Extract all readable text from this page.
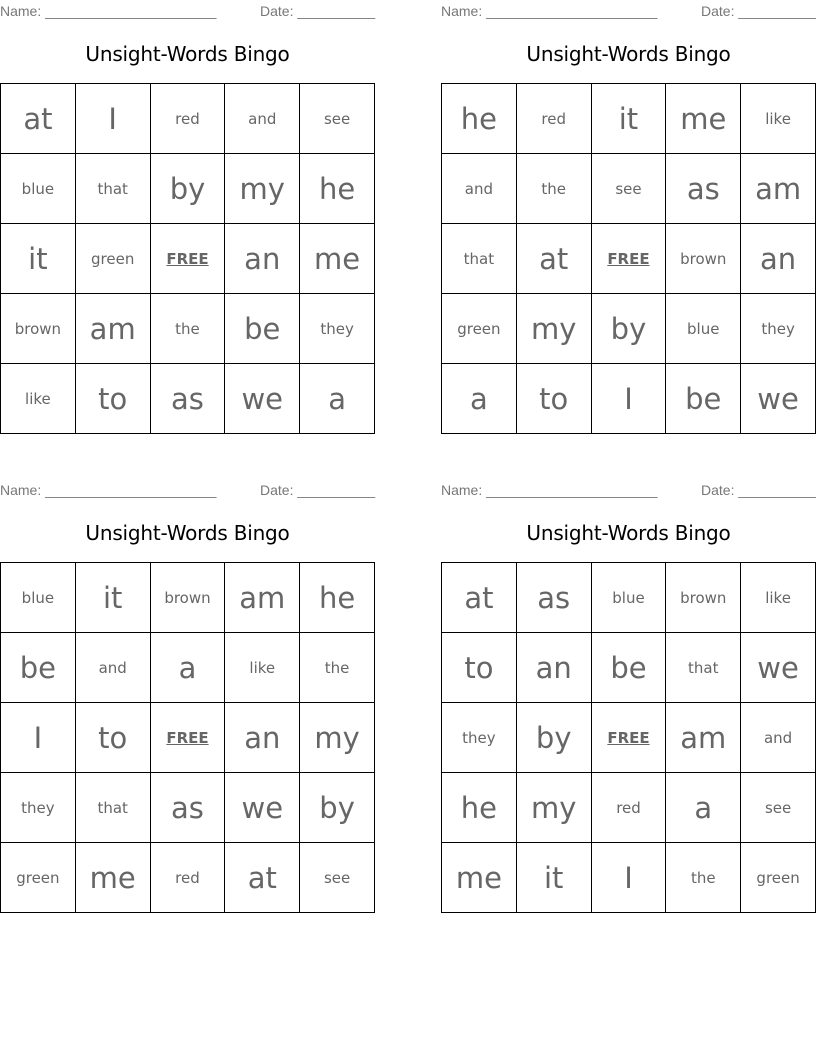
Name: ______________________	Date: __________
Unsight-Words Bingo
at	I	red	and	see
blue	that	by	my	he
it	green	FREE	an	me
brown	am	the	be	they
like	to	as	we	a
Name: ______________________	Date: __________
Unsight-Words Bingo
he	red	it	me	like
and	the	see	as	am
that	at	FREE	brown	an
green	my	by	blue	they
a	to	I	be	we
Name: ______________________	Date: __________
Unsight-Words Bingo
blue	it	brown	am	he
be	and	a	like	the
I	to	FREE	an	my
they	that	as	we	by
green	me	red	at	see
Name: ______________________	Date: __________
Unsight-Words Bingo
at	as	blue	brown	like
to	an	be	that	we
they	by	FREE	am	and
he	my	red	a	see
me	it	I	the	green
